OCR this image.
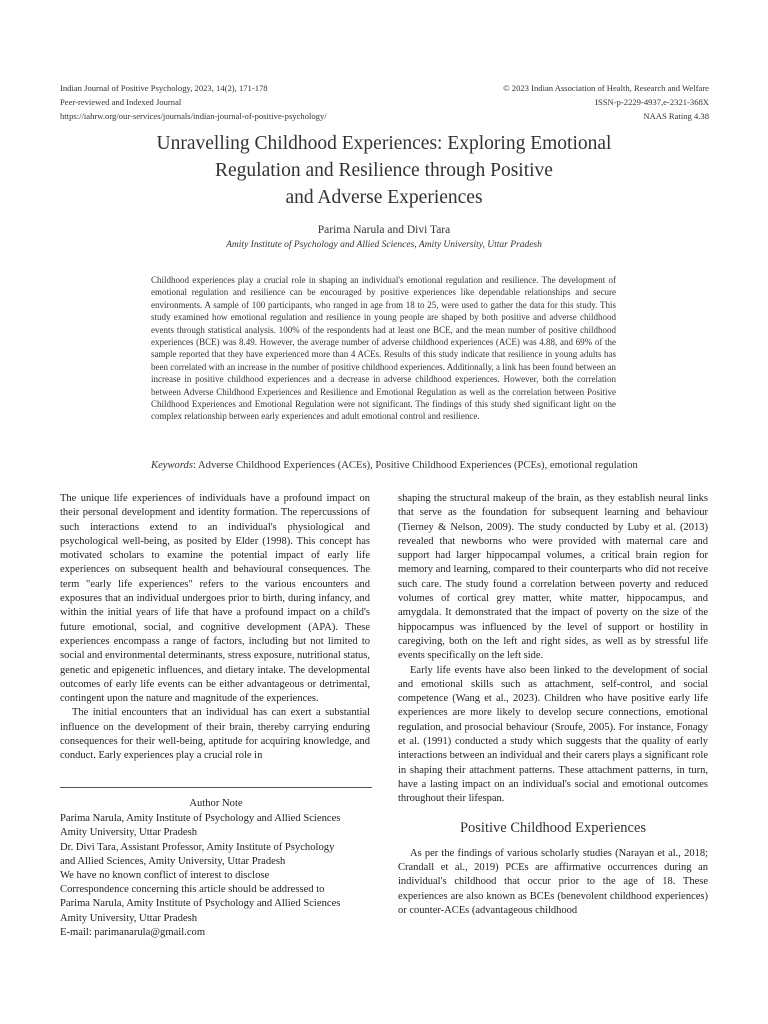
Indian Journal of Positive Psychology, 2023, 14(2), 171-178
Peer-reviewed and Indexed Journal
https://iahrw.org/our-services/journals/indian-journal-of-positive-psychology/
© 2023 Indian Association of Health, Research and Welfare
ISSN-p-2229-4937,e-2321-368X
NAAS Rating 4.38
Unravelling Childhood Experiences: Exploring Emotional
Regulation and Resilience through Positive
and Adverse Experiences
Parima Narula and Divi Tara
Amity Institute of Psychology and Allied Sciences, Amity University, Uttar Pradesh
Childhood experiences play a crucial role in shaping an individual's emotional regulation and resilience. The development of emotional regulation and resilience can be encouraged by positive experiences like dependable relationships and secure environments. A sample of 100 participants, who ranged in age from 18 to 25, were used to gather the data for this study. This study examined how emotional regulation and resilience in young people are shaped by both positive and adverse childhood events through statistical analysis. 100% of the respondents had at least one BCE, and the mean number of positive childhood experiences (BCE) was 8.49. However, the average number of adverse childhood experiences (ACE) was 4.88, and 69% of the sample reported that they have experienced more than 4 ACEs. Results of this study indicate that resilience in young adults has been correlated with an increase in the number of positive childhood experiences. Additionally, a link has been found between an increase in positive childhood experiences and a decrease in adverse childhood experiences. However, both the correlation between Adverse Childhood Experiences and Resilience and Emotional Regulation as well as the correlation between Positive Childhood Experiences and Emotional Regulation were not significant. The findings of this study shed significant light on the complex relationship between early experiences and adult emotional control and resilience.
Keywords: Adverse Childhood Experiences (ACEs), Positive Childhood Experiences (PCEs), emotional regulation

The unique life experiences of individuals have a profound impact on their personal development and identity formation. The repercussions of such interactions extend to an individual's physiological and psychological well-being, as posited by Elder (1998). This concept has motivated scholars to examine the potential impact of early life experiences on subsequent health and behavioural consequences. The term "early life experiences" refers to the various encounters and exposures that an individual undergoes prior to birth, during infancy, and within the initial years of life that have a profound impact on a child's future emotional, social, and cognitive development (APA). These experiences encompass a range of factors, including but not limited to social and environmental determinants, stress exposure, nutritional status, genetic and epigenetic influences, and dietary intake. The developmental outcomes of early life events can be either advantageous or detrimental, contingent upon the nature and magnitude of the experiences.

The initial encounters that an individual has can exert a substantial influence on the development of their brain, thereby carrying enduring consequences for their well-being, aptitude for acquiring knowledge, and conduct. Early experiences play a crucial role in

Author Note
Parima Narula, Amity Institute of Psychology and Allied Sciences
Amity University, Uttar Pradesh
Dr. Divi Tara, Assistant Professor, Amity Institute of Psychology
and Allied Sciences, Amity University, Uttar Pradesh
We have no known conflict of interest to disclose
Correspondence concerning this article should be addressed to
Parima Narula, Amity Institute of Psychology and Allied Sciences
Amity University, Uttar Pradesh
E-mail: parimanarula@gmail.com

shaping the structural makeup of the brain, as they establish neural links that serve as the foundation for subsequent learning and behaviour (Tierney & Nelson, 2009). The study conducted by Luby et al. (2013) revealed that newborns who were provided with maternal care and support had larger hippocampal volumes, a critical brain region for memory and learning, compared to their counterparts who did not receive such care. The study found a correlation between poverty and reduced volumes of cortical grey matter, white matter, hippocampus, and amygdala. It demonstrated that the impact of poverty on the size of the hippocampus was influenced by the level of support or hostility in caregiving, both on the left and right sides, as well as by stressful life events specifically on the left side.

Early life events have also been linked to the development of social and emotional skills such as attachment, self-control, and social competence (Wang et al., 2023). Children who have positive early life experiences are more likely to develop secure connections, emotional regulation, and prosocial behaviour (Sroufe, 2005). For instance, Fonagy et al. (1991) conducted a study which suggests that the quality of early interactions between an individual and their carers plays a significant role in shaping their attachment patterns. These attachment patterns, in turn, have a lasting impact on an individual's social and emotional outcomes throughout their lifespan.

Positive Childhood Experiences

As per the findings of various scholarly studies (Narayan et al., 2018; Crandall et al., 2019) PCEs are affirmative occurrences during an individual's childhood that occur prior to the age of 18. These experiences are also known as BCEs (benevolent childhood experiences) or counter-ACEs (advantageous childhood
